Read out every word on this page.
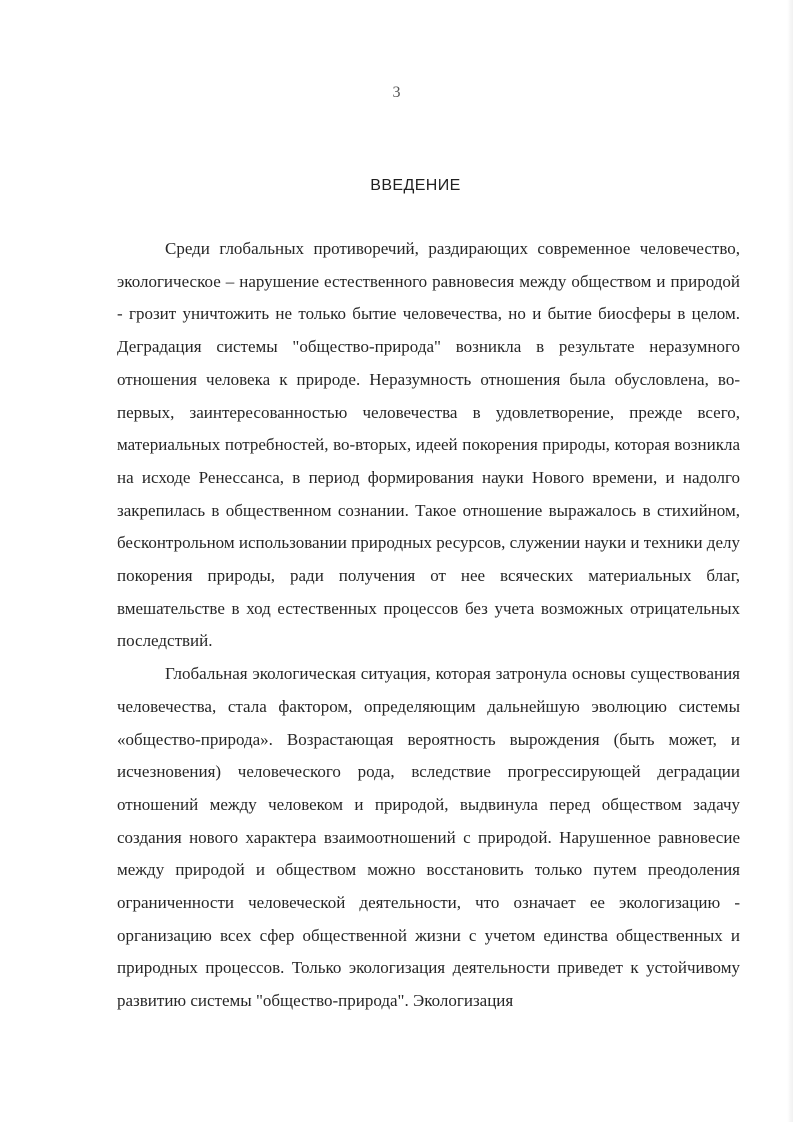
3
ВВЕДЕНИЕ

Среди глобальных противоречий, раздирающих современное человечество, экологическое – нарушение естественного равновесия между обществом и природой - грозит уничтожить не только бытие человечества, но и бытие биосферы в целом. Деградация системы "общество-природа" возникла в результате неразумного отношения человека к природе. Неразумность отношения была обусловлена, во-первых, заинтересованностью человечества в удовлетворение, прежде всего, материальных потребностей, во-вторых, идеей покорения природы, которая возникла на исходе Ренессанса, в период формирования науки Нового времени, и надолго закрепилась в общественном сознании. Такое отношение выражалось в стихийном, бесконтрольном использовании природных ресурсов, служении науки и техники делу покорения природы, ради получения от нее всяческих материальных благ, вмешательстве в ход естественных процессов без учета возможных отрицательных последствий.

Глобальная экологическая ситуация, которая затронула основы существования человечества, стала фактором, определяющим дальнейшую эволюцию системы «общество-природа». Возрастающая вероятность вырождения (быть может, и исчезновения) человеческого рода, вследствие прогрессирующей деградации отношений между человеком и природой, выдвинула перед обществом задачу создания нового характера взаимоотношений с природой. Нарушенное равновесие между природой и обществом можно восстановить только путем преодоления ограниченности человеческой деятельности, что означает ее экологизацию - организацию всех сфер общественной жизни с учетом единства общественных и природных процессов. Только экологизация деятельности приведет к устойчивому развитию системы "общество-природа". Экологизация
